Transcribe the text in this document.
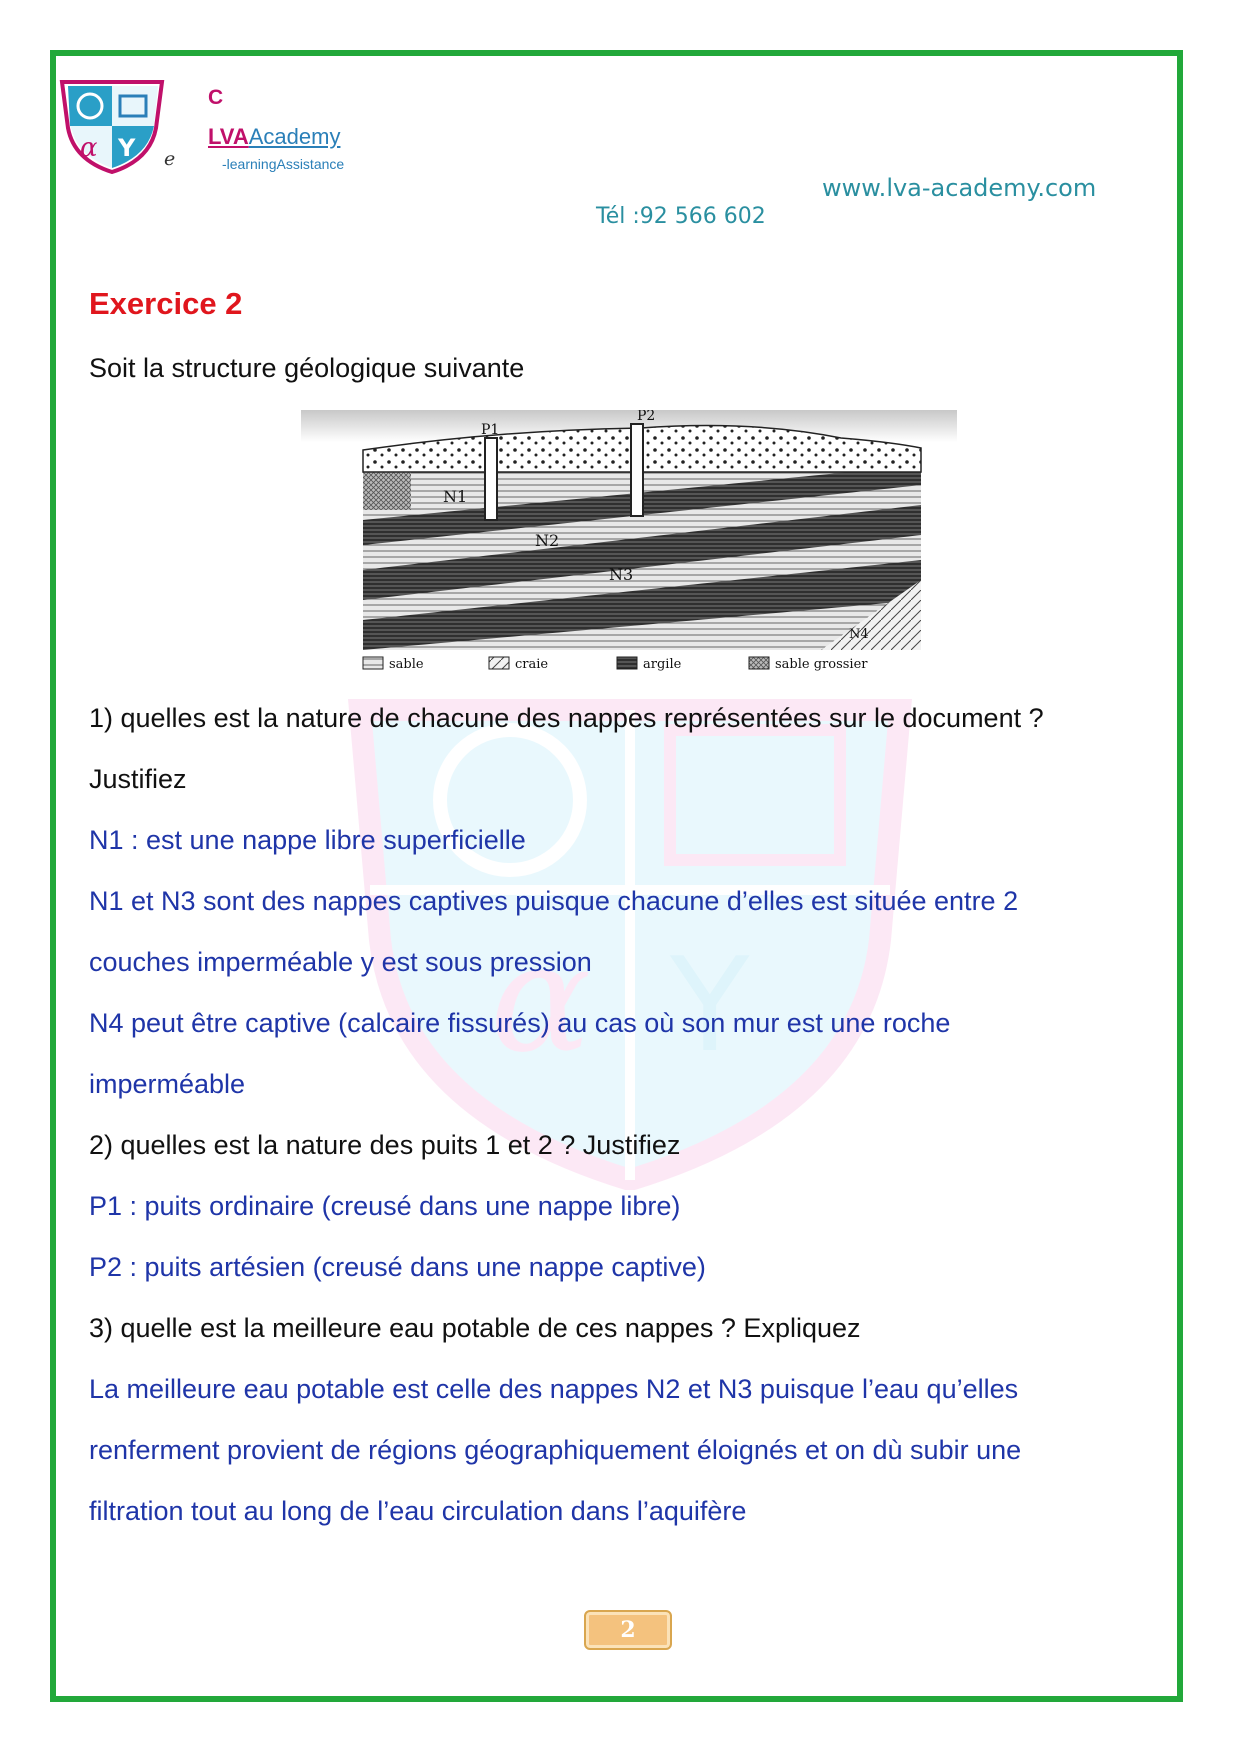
α Y
α Y e
C
LVAAcademy
-learningAssistance
www.lva-academy.com
Tél :92 566 602
Exercice 2
Soit la structure géologique suivante
P1
P2
N1
N2
N3
N4
sable	craie	argile	sable grossier
1) quelles est la nature de chacune des nappes représentées sur le document ?
Justifiez
N1 : est une nappe libre superficielle
N1 et N3 sont des nappes captives puisque chacune d’elles est située entre 2
couches imperméable y est sous pression
N4 peut être captive (calcaire fissurés) au cas où son mur est une roche
imperméable
2) quelles est la nature des puits 1 et 2 ? Justifiez
P1 : puits ordinaire (creusé dans une nappe libre)
P2 : puits artésien (creusé dans une nappe captive)
3) quelle est la meilleure eau potable de ces nappes ? Expliquez
La meilleure eau potable est celle des nappes N2 et N3 puisque l’eau qu’elles
renferment provient de régions géographiquement éloignés et on dù subir une
filtration tout au long de l’eau circulation dans l’aquifère
2
